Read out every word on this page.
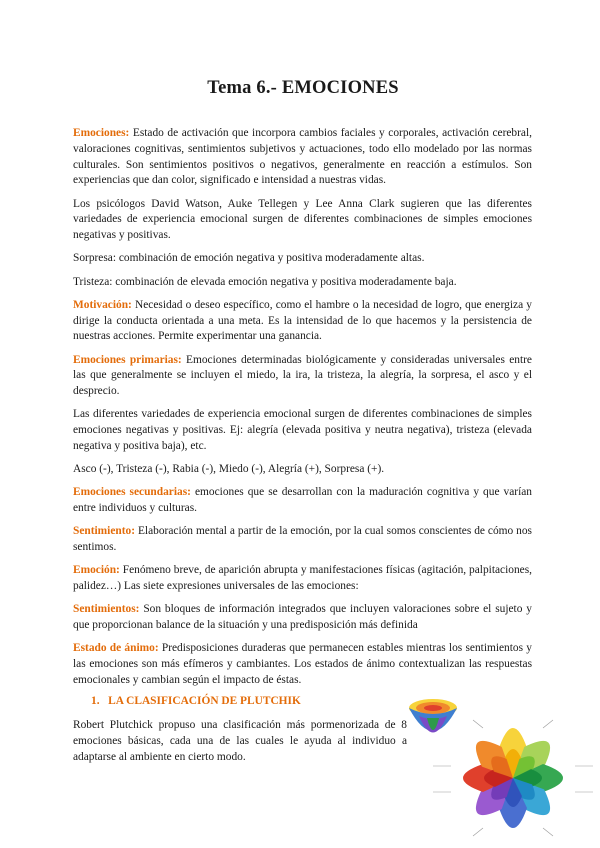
Tema 6.- EMOCIONES

Emociones: Estado de activación que incorpora cambios faciales y corporales, activación cerebral, valoraciones cognitivas, sentimientos subjetivos y actuaciones, todo ello modelado por las normas culturales. Son sentimientos positivos o negativos, generalmente en reacción a estímulos. Son experiencias que dan color, significado e intensidad a nuestras vidas.

Los psicólogos David Watson, Auke Tellegen y Lee Anna Clark sugieren que las diferentes variedades de experiencia emocional surgen de diferentes combinaciones de simples emociones negativas y positivas.

Sorpresa: combinación de emoción negativa y positiva moderadamente altas.

Tristeza: combinación de elevada emoción negativa y positiva moderadamente baja.

Motivación: Necesidad o deseo específico, como el hambre o la necesidad de logro, que energiza y dirige la conducta orientada a una meta. Es la intensidad de lo que hacemos y la persistencia de nuestras acciones. Permite experimentar una ganancia.

Emociones primarias: Emociones determinadas biológicamente y consideradas universales entre las que generalmente se incluyen el miedo, la ira, la tristeza, la alegría, la sorpresa, el asco y el desprecio.

Las diferentes variedades de experiencia emocional surgen de diferentes combinaciones de simples emociones negativas y positivas. Ej: alegría (elevada positiva y neutra negativa), tristeza (elevada negativa y positiva baja), etc.

Asco (-), Tristeza (-), Rabia (-), Miedo (-), Alegría (+), Sorpresa (+).

Emociones secundarias: emociones que se desarrollan con la maduración cognitiva y que varían entre individuos y culturas.

Sentimiento: Elaboración mental a partir de la emoción, por la cual somos conscientes de cómo nos sentimos.

Emoción: Fenómeno breve, de aparición abrupta y manifestaciones físicas (agitación, palpitaciones, palidez…) Las siete expresiones universales de las emociones:

Sentimientos: Son bloques de información integrados que incluyen valoraciones sobre el sujeto y que proporcionan balance de la situación y una predisposición más definida

Estado de ánimo: Predisposiciones duraderas que permanecen estables mientras los sentimientos y las emociones son más efímeros y cambiantes. Los estados de ánimo contextualizan las respuestas emocionales y cambian según el impacto de éstas.

1. LA CLASIFICACIÓN DE PLUTCHIK

Robert Plutchick propuso una clasificación más pormenorizada de 8 emociones básicas, cada una de las cuales le ayuda al individuo a adaptarse al ambiente en cierto modo.
